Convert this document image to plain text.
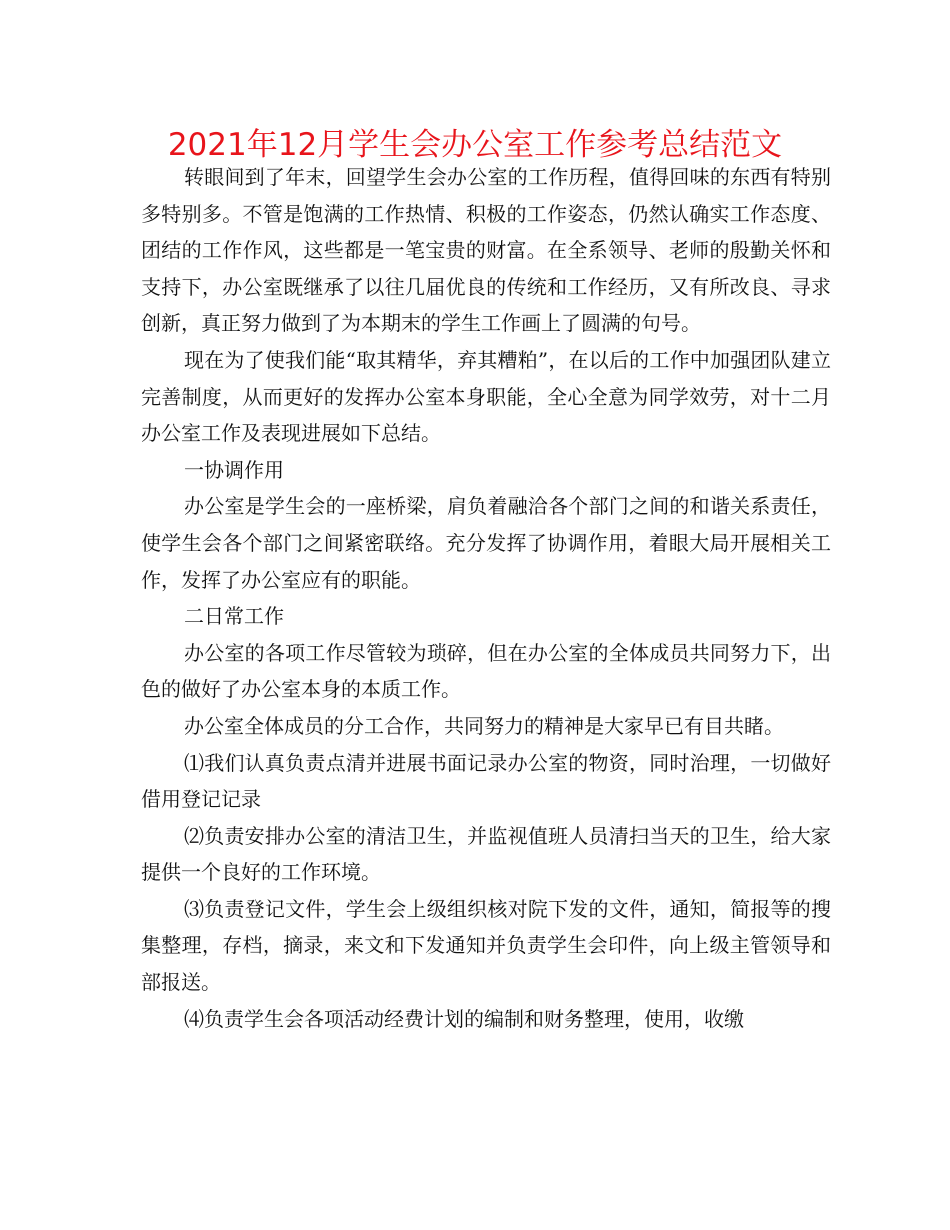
2021年12月学生会办公室工作参考总结范文

转眼间到了年末，回望学生会办公室的工作历程，值得回味的东西有特别多特别多。不管是饱满的工作热情、积极的工作姿态，仍然认确实工作态度、团结的工作作风，这些都是一笔宝贵的财富。在全系领导、老师的殷勤关怀和支持下，办公室既继承了以往几届优良的传统和工作经历，又有所改良、寻求创新，真正努力做到了为本期末的学生工作画上了圆满的句号。

现在为了使我们能“取其精华，弃其糟粕”，在以后的工作中加强团队建立完善制度，从而更好的发挥办公室本身职能，全心全意为同学效劳，对十二月办公室工作及表现进展如下总结。

一协调作用

办公室是学生会的一座桥梁，肩负着融洽各个部门之间的和谐关系责任，使学生会各个部门之间紧密联络。充分发挥了协调作用，着眼大局开展相关工作，发挥了办公室应有的职能。

二日常工作

办公室的各项工作尽管较为琐碎，但在办公室的全体成员共同努力下，出色的做好了办公室本身的本质工作。

办公室全体成员的分工合作，共同努力的精神是大家早已有目共睹。

⑴我们认真负责点清并进展书面记录办公室的物资，同时治理，一切做好借用登记记录

⑵负责安排办公室的清洁卫生，并监视值班人员清扫当天的卫生，给大家提供一个良好的工作环境。

⑶负责登记文件，学生会上级组织核对院下发的文件，通知，简报等的搜集整理，存档，摘录，来文和下发通知并负责学生会印件，向上级主管领导和部报送。

⑷负责学生会各项活动经费计划的编制和财务整理，使用，收缴
